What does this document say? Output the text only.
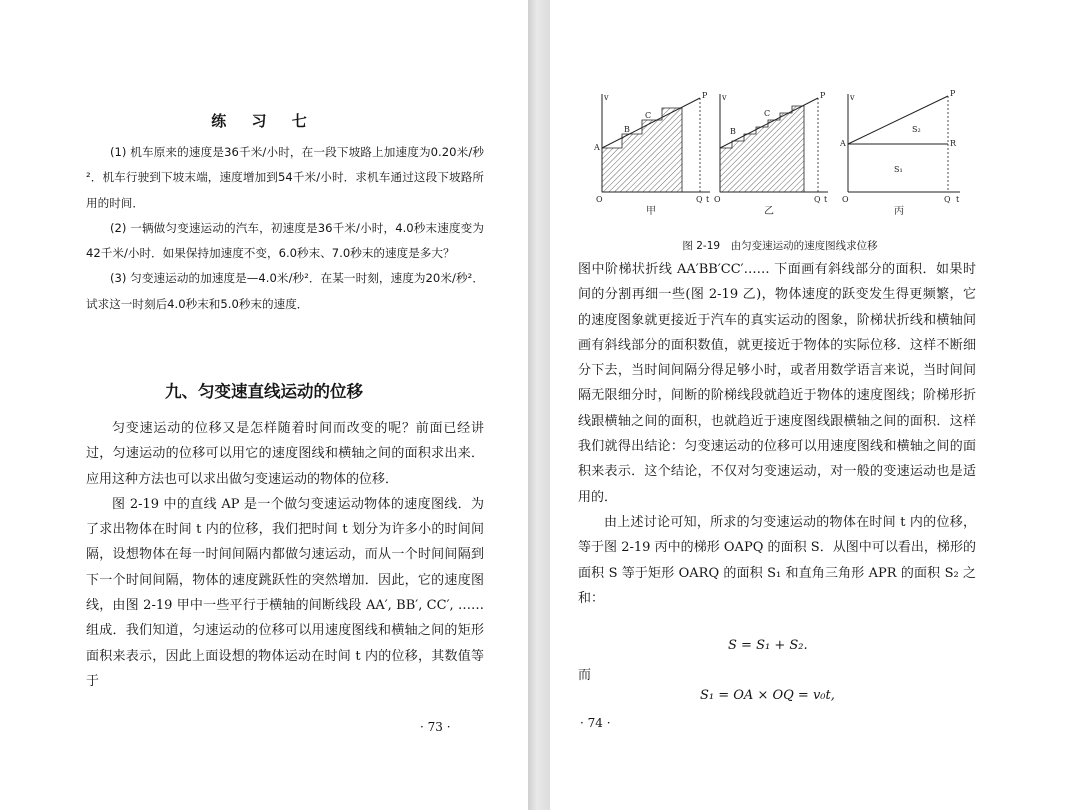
练 习 七
(1) 机车原来的速度是36千米/小时，在一段下坡路上加速度为0.20米/秒²．机车行驶到下坡末端，速度增加到54千米/小时．求机车通过这段下坡路所用的时间．
(2) 一辆做匀变速运动的汽车，初速度是36千米/小时，4.0秒末速度变为42千米/小时．如果保持加速度不变，6.0秒末、7.0秒末的速度是多大？
(3) 匀变速运动的加速度是—4.0米/秒²．在某一时刻，速度为20米/秒²．试求这一时刻后4.0秒末和5.0秒末的速度．
九、匀变速直线运动的位移
匀变速运动的位移又是怎样随着时间而改变的呢？前面已经讲过，匀速运动的位移可以用它的速度图线和横轴之间的面积求出来．应用这种方法也可以求出做匀变速运动的物体的位移．
图 2-19 中的直线 AP 是一个做匀变速运动物体的速度图线．为了求出物体在时间 t 内的位移，我们把时间 t 划分为许多小的时间间隔，设想物体在每一时间间隔内都做匀速运动，而从一个时间间隔到下一个时间间隔，物体的速度跳跃性的突然增加．因此，它的速度图线，由图 2-19 甲中一些平行于横轴的间断线段 AA′, BB′, CC′, ……组成．我们知道，匀速运动的位移可以用速度图线和横轴之间的矩形面积来表示，因此上面设想的物体运动在时间 t 内的位移，其数值等于
· 73 ·
v
A
B
C
P
O	Q t
甲
v
B
C
P
O	Q t
乙
v
A
P
R
S₂
S₁
O	Q t
丙
图 2-19　由匀变速运动的速度图线求位移
图中阶梯状折线 AA′BB′CC′…… 下面画有斜线部分的面积．如果时间的分割再细一些(图 2-19 乙)，物体速度的跃变发生得更频繁，它的速度图象就更接近于汽车的真实运动的图象，阶梯状折线和横轴间画有斜线部分的面积数值，就更接近于物体的实际位移．这样不断细分下去，当时间间隔分得足够小时，或者用数学语言来说，当时间间隔无限细分时，间断的阶梯线段就趋近于物体的速度图线；阶梯形折线跟横轴之间的面积，也就趋近于速度图线跟横轴之间的面积．这样我们就得出结论：匀变速运动的位移可以用速度图线和横轴之间的面积来表示．这个结论，不仅对匀变速运动，对一般的变速运动也是适用的．
由上述讨论可知，所求的匀变速运动的物体在时间 t 内的位移，等于图 2-19 丙中的梯形 OAPQ 的面积 S．从图中可以看出，梯形的面积 S 等于矩形 OARQ 的面积 S₁ 和直角三角形 APR 的面积 S₂ 之和：
S = S₁ + S₂.
而
S₁ = OA × OQ = v₀t,
· 74 ·
